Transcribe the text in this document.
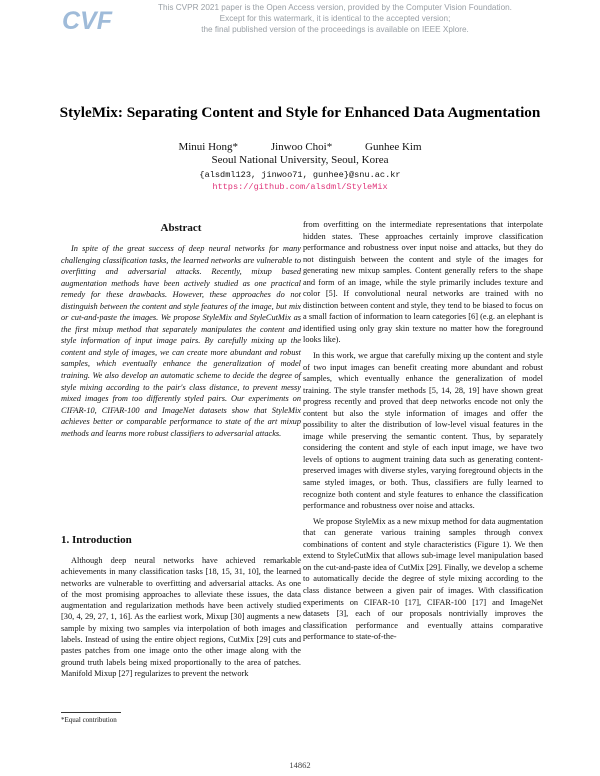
CVF	This CVPR 2021 paper is the Open Access version, provided by the Computer Vision Foundation.
Except for this watermark, it is identical to the accepted version;
the final published version of the proceedings is available on IEEE Xplore.
StyleMix: Separating Content and Style for Enhanced Data Augmentation
Minui Hong*	Jinwoo Choi*	Gunhee Kim
Seoul National University, Seoul, Korea
{alsdml123, jinwoo71, gunhee}@snu.ac.kr
https://github.com/alsdml/StyleMix
Abstract

In spite of the great success of deep neural networks for many challenging classification tasks, the learned networks are vulnerable to overfitting and adversarial attacks. Recently, mixup based augmentation methods have been actively studied as one practical remedy for these drawbacks. However, these approaches do not distinguish between the content and style features of the image, but mix or cut-and-paste the images. We propose StyleMix and StyleCutMix as the first mixup method that separately manipulates the content and style information of input image pairs. By carefully mixing up the content and style of images, we can create more abundant and robust samples, which eventually enhance the generalization of model training. We also develop an automatic scheme to decide the degree of style mixing according to the pair's class distance, to prevent messy mixed images from too differently styled pairs. Our experiments on CIFAR-10, CIFAR-100 and ImageNet datasets show that StyleMix achieves better or comparable performance to state of the art mixup methods and learns more robust classifiers to adversarial attacks.

1. Introduction

Although deep neural networks have achieved remarkable achievements in many classification tasks [18, 15, 31, 10], the learned networks are vulnerable to overfitting and adversarial attacks. As one of the most promising approaches to alleviate these issues, the data augmentation and regularization methods have been actively studied [30, 4, 29, 27, 1, 16]. As the earliest work, Mixup [30] augments a new sample by mixing two samples via interpolation of both images and labels. Instead of using the entire object regions, CutMix [29] cuts and pastes patches from one image onto the other image along with the ground truth labels being mixed proportionally to the area of patches. Manifold Mixup [27] regularizes to prevent the network

from overfitting on the intermediate representations that interpolate hidden states. These approaches certainly improve classification performance and robustness over input noise and attacks, but they do not distinguish between the content and style of the images for generating new mixup samples. Content generally refers to the shape and form of an image, while the style primarily includes texture and color [5]. If convolutional neural networks are trained with no distinction between content and style, they tend to be biased to focus on a small faction of information to learn categories [6] (e.g. an elephant is identified using only gray skin texture no matter how the foreground looks like).

In this work, we argue that carefully mixing up the content and style of two input images can benefit creating more abundant and robust samples, which eventually enhance the generalization of model training. The style transfer methods [5, 14, 28, 19] have shown great progress recently and proved that deep networks encode not only the content but also the style information of images and offer the possibility to alter the distribution of low-level visual features in the image while preserving the semantic content. Thus, by separately considering the content and style of each input image, we have two levels of options to augment training data such as generating content-preserved images with diverse styles, varying foreground objects in the same styled images, or both. Thus, classifiers are fully learned to recognize both content and style features to enhance the classification performance and robustness over noise and attacks.

We propose StyleMix as a new mixup method for data augmentation that can generate various training samples through convex combinations of content and style characteristics (Figure 1). We then extend to StyleCutMix that allows sub-image level manipulation based on the cut-and-paste idea of CutMix [29]. Finally, we develop a scheme to automatically decide the degree of style mixing according to the class distance between a given pair of images. With classification experiments on CIFAR-10 [17], CIFAR-100 [17] and ImageNet datasets [3], each of our proposals nontrivially improves the classification performance and eventually attains comparative performance to state-of-the-

*Equal contribution
14862
